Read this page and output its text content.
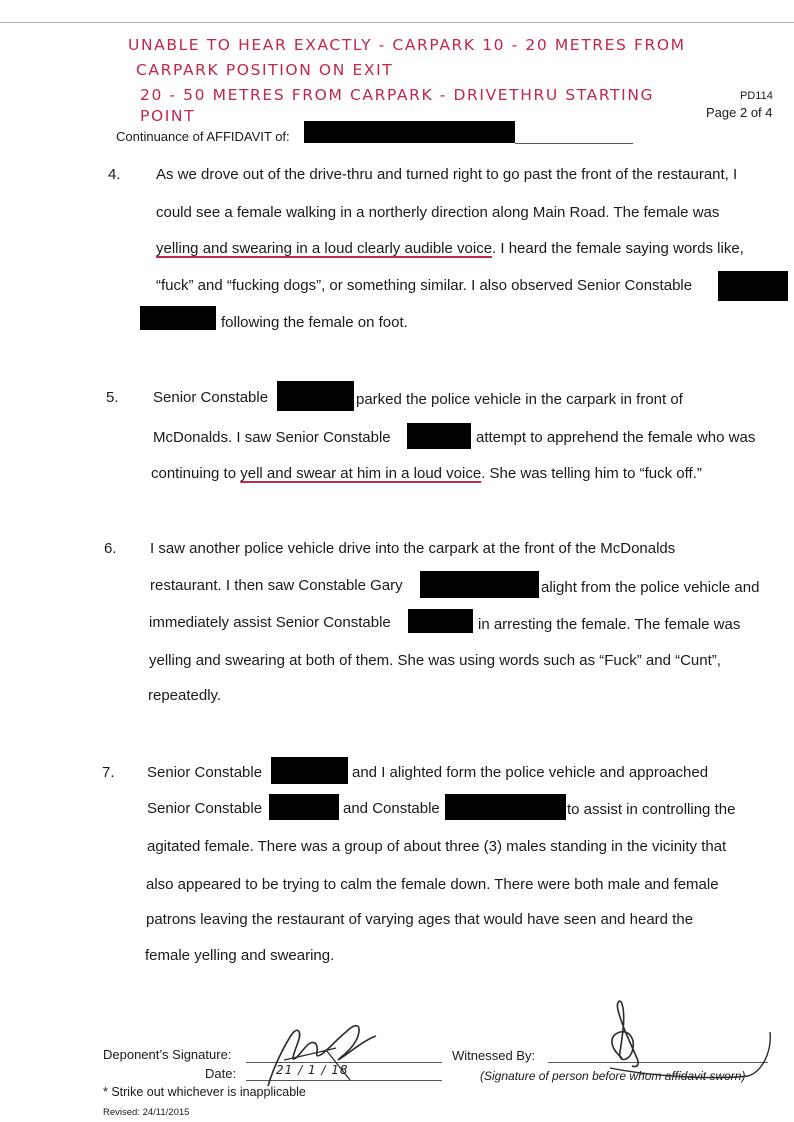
UNABLE TO HEAR EXACTLY - CARPARK 10 - 20 METRES FROM
CARPARK POSITION ON EXIT
20 - 50 METRES FROM CARPARK - DRIVETHRU STARTING
POINT
PD114
Page 2 of 4
Continuance of AFFIDAVIT of:
4. As we drove out of the drive-thru and turned right to go past the front of the restaurant, I
could see a female walking in a northerly direction along Main Road. The female was
yelling and swearing in a loud clearly audible voice. I heard the female saying words like,
“fuck” and “fucking dogs”, or something similar. I also observed Senior Constable
following the female on foot.
5. Senior Constable	parked the police vehicle in the carpark in front of
McDonalds. I saw Senior Constable	attempt to apprehend the female who was
continuing to yell and swear at him in a loud voice. She was telling him to “fuck off.”
6. I saw another police vehicle drive into the carpark at the front of the McDonalds
restaurant. I then saw Constable Gary	alight from the police vehicle and
immediately assist Senior Constable	in arresting the female. The female was
yelling and swearing at both of them. She was using words such as “Fuck” and “Cunt”,
repeatedly.
7. Senior Constable	and I alighted form the police vehicle and approached
Senior Constable	and Constable	to assist in controlling the
agitated female. There was a group of about three (3) males standing in the vicinity that
also appeared to be trying to calm the female down. There were both male and female
patrons leaving the restaurant of varying ages that would have seen and heard the
female yelling and swearing.
Deponent’s Signature:
Date:	21 / 1 / 18
Witnessed By:
(Signature of person before whom affidavit sworn)
* Strike out whichever is inapplicable
Revised: 24/11/2015
